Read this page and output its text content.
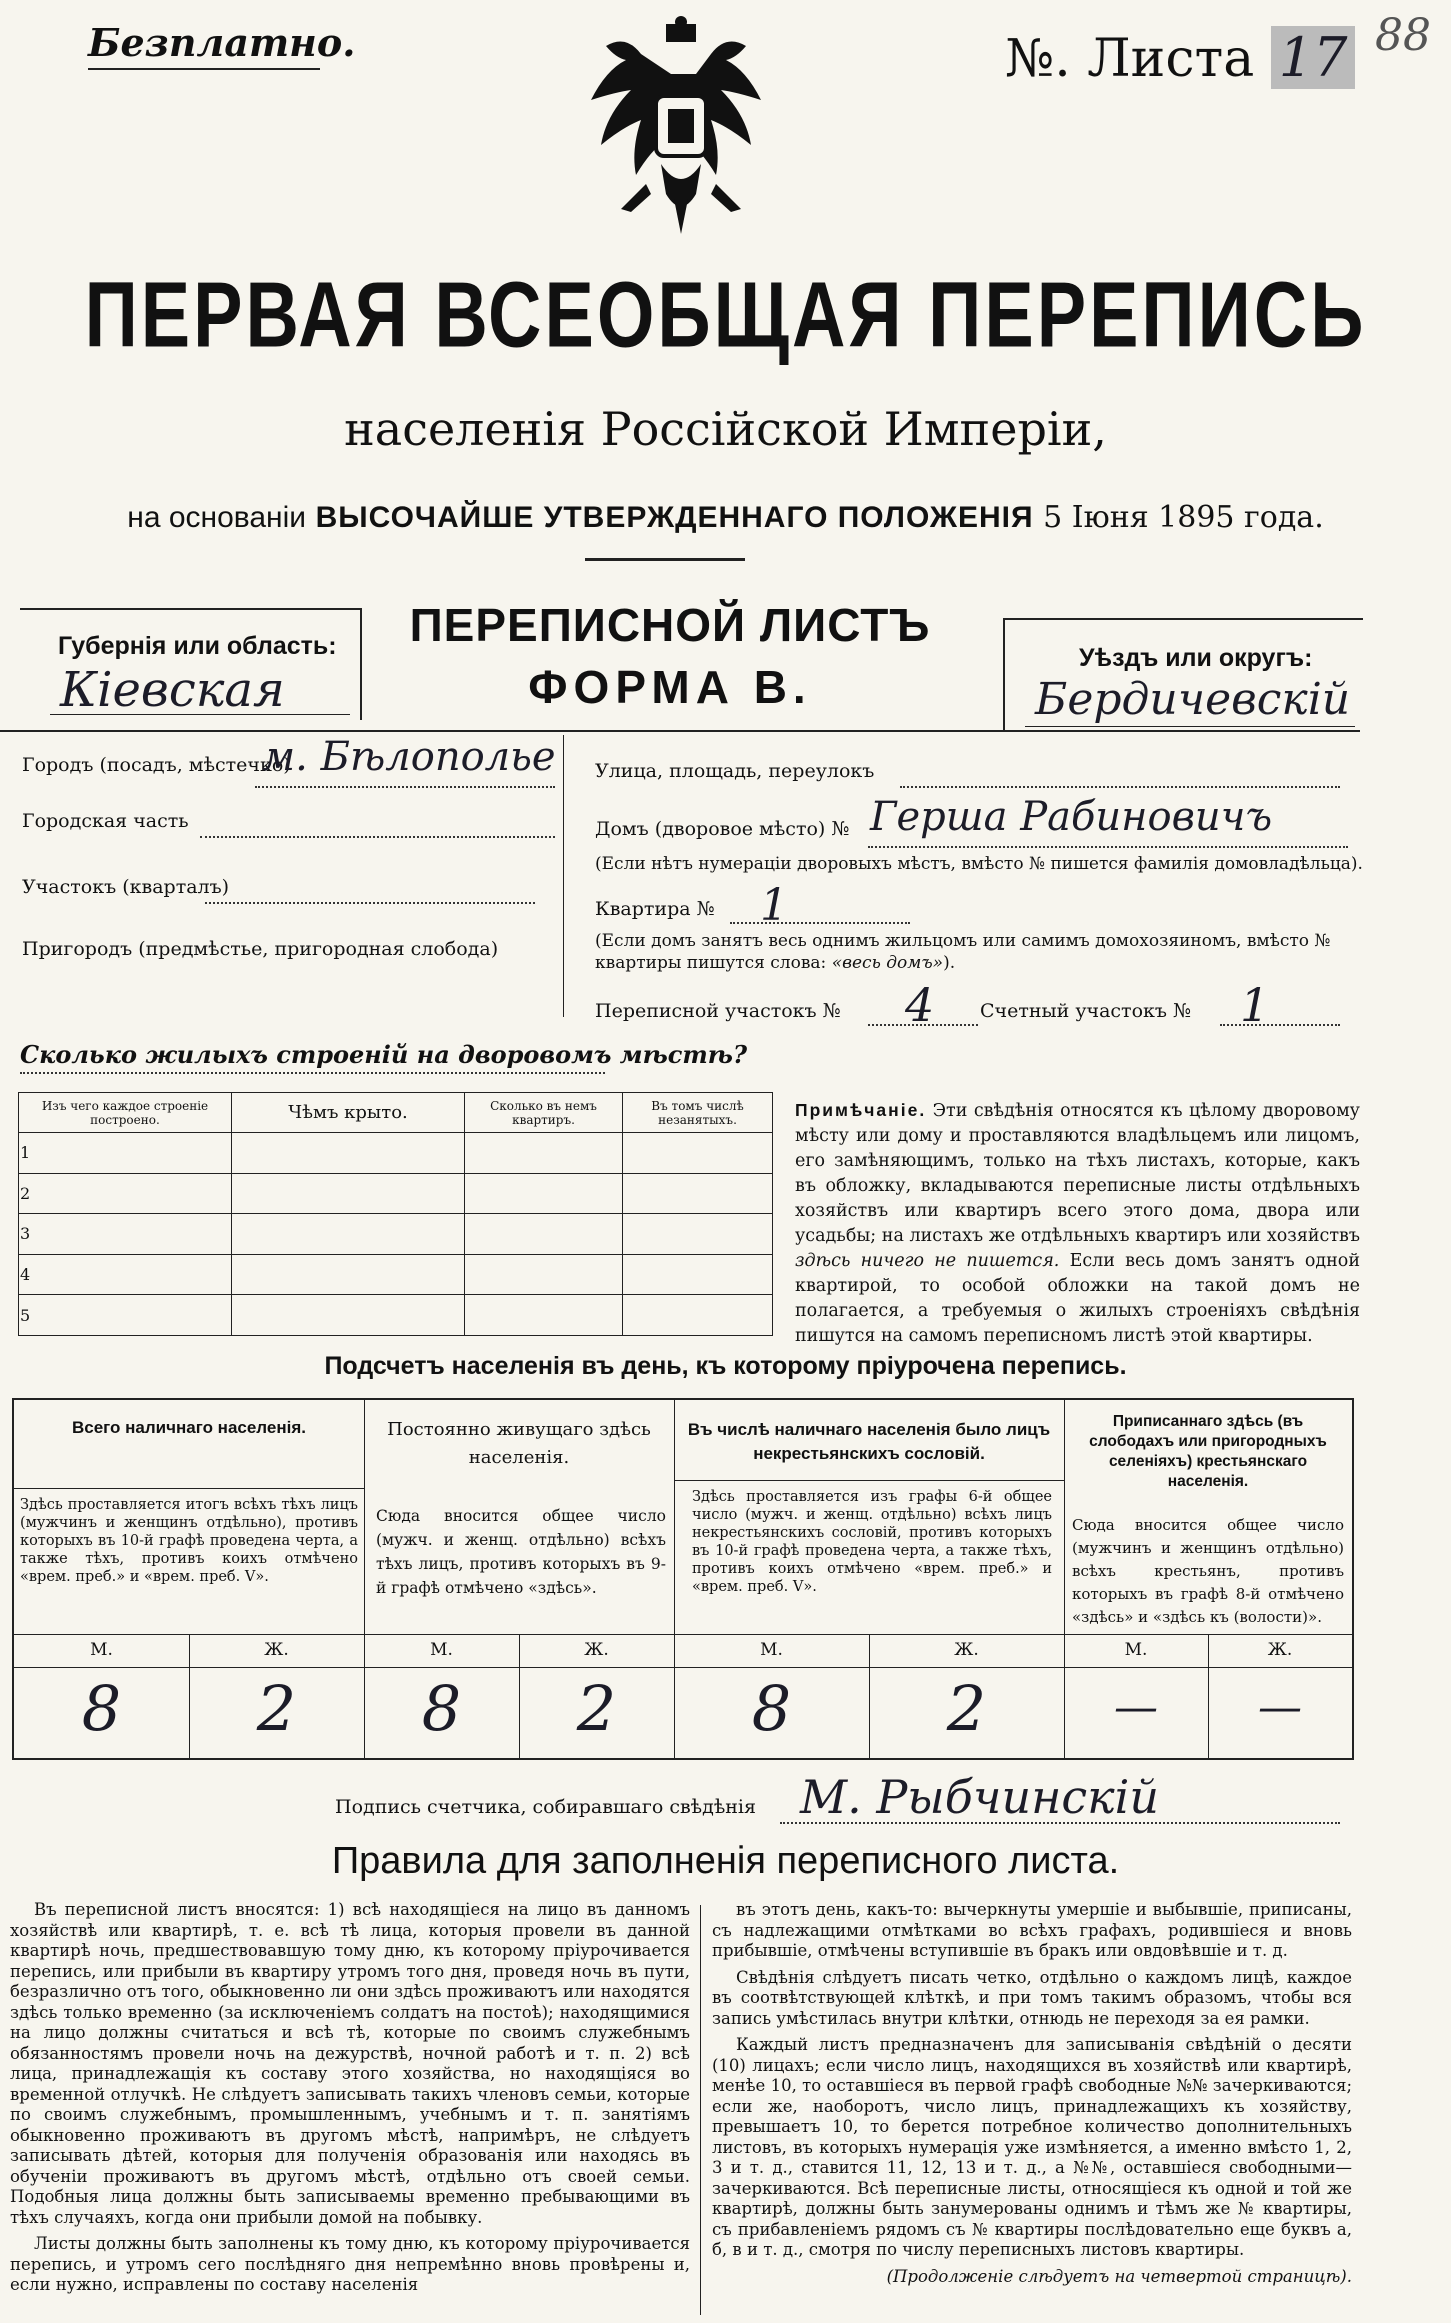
Безплатно.	№. Листа 17 88
ПЕРВАЯ ВСЕОБЩАЯ ПЕРЕПИСЬ
населенія Россійской Имперіи,
на основаніи ВЫСОЧАЙШЕ УТВЕРЖДЕННАГО ПОЛОЖЕНІЯ 5 Іюня 1895 года.
Губернія или область:
Кіевская
ПЕРЕПИСНОЙ ЛИСТЪ
ФОРМА В.
Уѣздъ или округъ:
Бердичевскій
Городъ (посадъ, мѣстечко)
м. Бѣлополье
Городская часть
Участокъ (кварталъ)
Пригородъ (предмѣстье, пригородная слобода)
Улица, площадь, переулокъ
Домъ (дворовое мѣсто) № Герша Рабиновичъ
(Если нѣтъ нумераціи дворовыхъ мѣстъ, вмѣсто № пишется фамилія домовладѣльца).
Квартира № 1
(Если домъ занятъ весь однимъ жильцомъ или самимъ домохозяиномъ, вмѣсто № квартиры пишутся слова: «весь домъ»).
Переписной участокъ № 4 Счетный участокъ № 1
Сколько жилыхъ строеній на дворовомъ мѣстѣ?
Изъ чего каждое строеніе построено.	Чѣмъ крыто.	Сколько въ немъ квартиръ.	Въ томъ числѣ незанятыхъ.
1			
2			
3			
4			
5			
Примѣчаніе. Эти свѣдѣнія относятся къ цѣлому дворовому мѣсту или дому и проставляются владѣльцемъ или лицомъ, его замѣняющимъ, только на тѣхъ листахъ, которые, какъ въ обложку, вкладываются переписные листы отдѣльныхъ хозяйствъ или квартиръ всего этого дома, двора или усадьбы; на листахъ же отдѣльныхъ квартиръ или хозяйствъ здѣсь ничего не пишется. Если весь домъ занятъ одной квартирой, то особой обложки на такой домъ не полагается, а требуемыя о жилыхъ строеніяхъ свѣдѣнія пишутся на самомъ переписномъ листѣ этой квартиры.
Подсчетъ населенія въ день, къ которому пріурочена перепись.
Всего наличнаго населенія.
Здѣсь проставляется итогъ всѣхъ тѣхъ лицъ (мужчинъ и женщинъ отдѣльно), противъ которыхъ въ 10-й графѣ проведена черта, а также тѣхъ, противъ коихъ отмѣчено «врем. преб.» и «врем. преб. V».
М.	Ж.
8	2
Постоянно живущаго здѣсь населенія.
Сюда вносится общее число (мужч. и женщ. отдѣльно) всѣхъ тѣхъ лицъ, противъ которыхъ въ 9-й графѣ отмѣчено «здѣсь».
М.	Ж.
8	2
Въ числѣ наличнаго населенія было лицъ некрестьянскихъ сословій.
Здѣсь проставляется изъ графы 6-й общее число (мужч. и женщ. отдѣльно) всѣхъ лицъ некрестьянскихъ сословій, противъ которыхъ въ 10-й графѣ проведена черта, а также тѣхъ, противъ коихъ отмѣчено «врем. преб.» и «врем. преб. V».
М.	Ж.
8	2
Приписаннаго здѣсь (въ слободахъ или пригородныхъ селеніяхъ) крестьянскаго населенія.
Сюда вносится общее число (мужчинъ и женщинъ отдѣльно) всѣхъ крестьянъ, противъ которыхъ въ графѣ 8-й отмѣчено «здѣсь» и «здѣсь къ (волости)».
М.	Ж.
—	—
Подпись счетчика, собиравшаго свѣдѣнія М. Рыбчинскій
Правила для заполненія переписного листа.

Въ переписной листъ вносятся: 1) всѣ находящіеся на лицо въ данномъ хозяйствѣ или квартирѣ, т. е. всѣ тѣ лица, которыя провели въ данной квартирѣ ночь, предшествовавшую тому дню, къ которому пріурочивается перепись, или прибыли въ квартиру утромъ того дня, проведя ночь въ пути, безразлично отъ того, обыкновенно ли они здѣсь проживаютъ или находятся здѣсь только временно (за исключеніемъ солдатъ на постоѣ); находящимися на лицо должны считаться и всѣ тѣ, которые по своимъ служебнымъ обязанностямъ провели ночь на дежурствѣ, ночной работѣ и т. п. 2) всѣ лица, принадлежащія къ составу этого хозяйства, но находящіяся во временной отлучкѣ. Не слѣдуетъ записывать такихъ членовъ семьи, которые по своимъ служебнымъ, промышленнымъ, учебнымъ и т. п. занятіямъ обыкновенно проживаютъ въ другомъ мѣстѣ, напримѣръ, не слѣдуетъ записывать дѣтей, которыя для полученія образованія или находясь въ обученіи проживаютъ въ другомъ мѣстѣ, отдѣльно отъ своей семьи. Подобныя лица должны быть записываемы временно пребывающими въ тѣхъ случаяхъ, когда они прибыли домой на побывку.

Листы должны быть заполнены къ тому дню, къ которому пріурочивается перепись, и утромъ сего послѣдняго дня непремѣнно вновь провѣрены и, если нужно, исправлены по составу населенія

въ этотъ день, какъ-то: вычеркнуты умершіе и выбывшіе, приписаны, съ надлежащими отмѣтками во всѣхъ графахъ, родившіеся и вновь прибывшіе, отмѣчены вступившіе въ бракъ или овдовѣвшіе и т. д.

Свѣдѣнія слѣдуетъ писать четко, отдѣльно о каждомъ лицѣ, каждое въ соотвѣтствующей клѣткѣ, и при томъ такимъ образомъ, чтобы вся запись умѣстилась внутри клѣтки, отнюдь не переходя за ея рамки.

Каждый листъ предназначенъ для записыванія свѣдѣній о десяти (10) лицахъ; если число лицъ, находящихся въ хозяйствѣ или квартирѣ, менѣе 10, то оставшіеся въ первой графѣ свободные №№ зачеркиваются; если же, наоборотъ, число лицъ, принадлежащихъ къ хозяйству, превышаетъ 10, то берется потребное количество дополнительныхъ листовъ, въ которыхъ нумерація уже измѣняется, а именно вмѣсто 1, 2, 3 и т. д., ставится 11, 12, 13 и т. д., а №№, оставшіеся свободными—зачеркиваются. Всѣ переписные листы, относящіеся къ одной и той же квартирѣ, должны быть занумерованы однимъ и тѣмъ же № квартиры, съ прибавленіемъ рядомъ съ № квартиры послѣдовательно еще буквъ а, б, в и т. д., смотря по числу переписныхъ листовъ квартиры.

(Продолженіе слѣдуетъ на четвертой страницѣ).
